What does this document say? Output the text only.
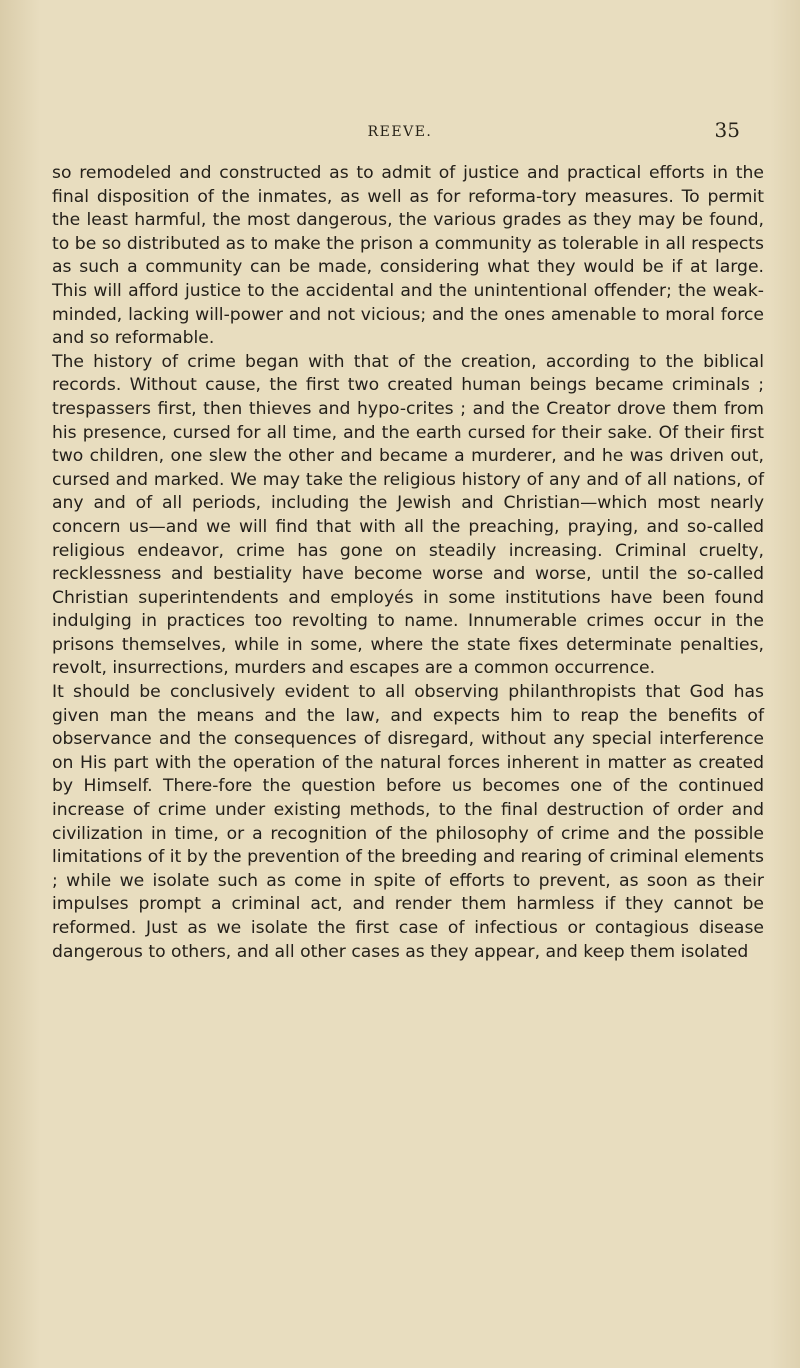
REEVE.	35

so remodeled and constructed as to admit of justice and practical efforts in the final disposition of the inmates, as well as for reforma-tory measures. To permit the least harmful, the most dangerous, the various grades as they may be found, to be so distributed as to make the prison a community as tolerable in all respects as such a community can be made, considering what they would be if at large. This will afford justice to the accidental and the unintentional offender; the weak-minded, lacking will-power and not vicious; and the ones amenable to moral force and so reformable.

The history of crime began with that of the creation, according to the biblical records. Without cause, the first two created human beings became criminals ; trespassers first, then thieves and hypo-crites ; and the Creator drove them from his presence, cursed for all time, and the earth cursed for their sake. Of their first two children, one slew the other and became a murderer, and he was driven out, cursed and marked. We may take the religious history of any and of all nations, of any and of all periods, including the Jewish and Christian—which most nearly concern us—and we will find that with all the preaching, praying, and so-called religious endeavor, crime has gone on steadily increasing. Criminal cruelty, recklessness and bestiality have become worse and worse, until the so-called Christian superintendents and employés in some institutions have been found indulging in practices too revolting to name. Innumerable crimes occur in the prisons themselves, while in some, where the state fixes determinate penalties, revolt, insurrections, murders and escapes are a common occurrence.

It should be conclusively evident to all observing philanthropists that God has given man the means and the law, and expects him to reap the benefits of observance and the consequences of disregard, without any special interference on His part with the operation of the natural forces inherent in matter as created by Himself. There-fore the question before us becomes one of the continued increase of crime under existing methods, to the final destruction of order and civilization in time, or a recognition of the philosophy of crime and the possible limitations of it by the prevention of the breeding and rearing of criminal elements ; while we isolate such as come in spite of efforts to prevent, as soon as their impulses prompt a criminal act, and render them harmless if they cannot be reformed. Just as we isolate the first case of infectious or contagious disease dangerous to others, and all other cases as they appear, and keep them isolated
